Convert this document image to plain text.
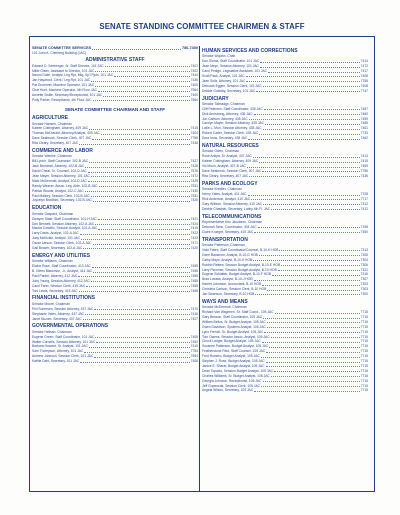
SENATE STANDING COMMITTEE CHAIRMEN & STAFF
SENATE COMMITTEE SERVICES	786-7400
101 John A. Cherberg Building (JAC)
ADMINISTRATIVE STAFF
Edward D. Seeberger, Sr. Staff Director, 101 JAC	7401
Millie Olsen, Assistant to Director, 101 JAC	7402
Naomi Duke, Analyst, Leg Rpt, Mtg, Sp'l Pjcts, 101 JAC	7444
Jan Haywood, Clerk / Leg Rpt, 101 JAC	7436
Pat Grommet, Machine Operator, 101 JAC	7400
Char Hunt, Machine Operator, 4th Floor JAC	7564
Annette Swille, Secretary/Receptionist, 101 JAC	7400
Polly Parker, Receptionist, 4th Floor JAC	7564
SENATE COMMITTEE CHAIRMAN AND STAFF
AGRICULTURE
Senator Hansen, Chairman
Kaleen Cottingham, Attorney, 409 JAC	7415
Thomas McDonald, Attorney/Analyst, 409 JAC	7404
Dave Seabrook, Session Clerk, 407 JAC	7756
Rita Cleary, Secretary, 407 JAC	7436
COMMERCE AND LABOR
Senator Warnke, Chairman
Bill Lynch, Staff Counselor, 102-B JAC	7427
Jack Brummel, Attorney, 102-B JAC	7428
David Cheal, Sr. Counsel, 102-D JAC	7576
Jean Mayer, Session Attorney, 101 JAC	7472
Mark McDermott, Analyst, 102-D JAC	7429
Randy Weaver, Assoc. Leg. Aide, 102-B JAC	7531
Patrick Woods, Analyst, 102-C JAC	7430
Paul Mallory, Session Clerk, 102-B JAC	7531
Joycelyn Bradford, Secretary, 102-B JAC	7426
EDUCATION
Senator Gaspard, Chairman
Dwayne Slate, Staff Coordinator, 101-H JAC	7421
Don Bennett, Session Attorney, 102-A JAC	7424
Marcia Costello, Session Analyst, 102-A JAC	7419
Larry Davis, Analyst, 102-A JAC	7422
Judy McKickle, Analyst, 101 JAC	7423
Oscar Larson, Session Clerk, 102-A JAC	7471
Gail Brower, Secretary, 102-A JAC	7420
ENERGY AND UTILITIES
Senator Williams, Chairman
Elaine Rose, Staff Coordinator, 413 JAC	7455
B. Glenn Blackmon, Jr., Analyst, 414 JAC	7455
Paul Parker, Attorney, 412 JAC	7455
Judy Young, Session Attorney, 412 JAC	7455
Carol Farer, Session Clerk, 415 JAC	7455
Toni Lewis, Secretary, 415 JAC	7455
FINANCIAL INSTITUTIONS
Senator Moore, Chairman
Phil Sorensen, Session Attorney, 437 JAC	7470
Stephanie Yates, Attorney, 437 JAC	7416
Janet Nuzum, Secretary, 437 JAC	7407
GOVERNMENTAL OPERATIONS
Senator Hellsan, Chairman
Eugene Green, Staff Coordinator, 101 JAC	7405
Walter Cornelis, Session Attorney, 101 JAC	7452
Barbara Howard, Sr. Analyst, 101 JAC	7410
Sam Thompson, Attorney, 101 JAC	7754
Andrew Johnson, Session Clerk, 101 JAC	7594
Kathie Dahl, Secretary, 101 JAC	7406
HUMAN SERVICES AND CORRECTIONS
Senator Wojahn, Chair
Don Sloma, Staff Coordinator, 101 JAC	7414
Jean Meyn, Session Attorney, 101 JAC	7472
Carol Pedigo, Legislative Assistant, 101 JAC	7417
Scott Pack, Analyst, 101 JAC	7408
Jean Soliz, Attorney, 101 JAC	7755
Deborah Eggen, Session Clerk, 101 JAC	7408
Debbie Goldsby, Secretary, 101 JAC	7747
JUDICIARY
Senator Talmadge, Chairman
Cliff Petersen, Staff Coordinator, 435 JAC	7457
Dick Armstrong, Attorney, 435 JAC	7460
Jon Carlson, Attorney, 435 JAC	7459
Carolyn Mayer, Session Attorney, 435 JAC	7465
Lollie L. Mon, Session Attorney, 435 JAC	7461
Robert Carter, Session Clerk, 435 JAC	7733
Dora Imus, Secretary, 435 JAC	7462
NATURAL RESOURCES
Senator Owen, Chairman
Rose Antipa, Sr. Analyst, 407 JAC	7413
Kaleen Cottingham, Attorney, 409 JAC	7415
Vic Moon, Analyst, 407-B JAC	7469
Dave Seabrook, Session Clerk, 407 JAC	7756
Rita Cleary, Secretary, 407 JAC	7436
PARKS AND ECOLOGY
Senator Kreidler, Chairman
Henry Yates, Analyst, 411 JAC	7708
Rick Anderson, Analyst, 410 JAC	7717
Gary Wilburn, Session Attorney, 410 JAC	7412
Debbie Chastain, Secretary, Lobby 4th Fl. JAC	7412
TELECOMMUNICATIONS
Representative Ken Jacobsen, Chairman
Deborah Senn, Coordinator, 404 JAC	7198
Claire Krueger, Secretary, 415 JAC	7450
TRANSPORTATION
Senator Patterson, Chairman
Vicki Fabre, Staff Coordinator/Counsel, B-10-H HOB	7313
Gene Baxstrom, Analyst, B-10-G HOB	7305
Cathy Mayo, Analyst, B-10-K HOB	7304
Robbin Rettew, Session Budget Analyst, B-10-E HOB	7306
Larry Plummer, Session Budget Analyst, B-10 HOB	7321
Eugene Schlatter, Budget Analyst, B-10-F HOB	7316
Brad Lovaas, Analyst, B-10-J HOB	7307
Harriet Johnston, Accountant, B-10 HOB	7303
Christina Carlson, Session Clerk, B-10 HOB	7303
Jan Swanson, Secretary, B-10 HOB	7300
WAYS AND MEANS
Senator McDermott, Chairman
Richard Van Wagenen, Sr. Staff Coord., 105 JAC	7715
Gary Benson, Staff Coordinator, 105 JAC	7715
William Bellus, Sr. Budget Analyst, 105 JAC	7715
Gwen Davidson, Systems Analyst, 105 JAC	7715
Lynn French, Sr. Budget Analyst, 105 JAC	7715
Tom Owens, Session Assoc. Analyst, 105 JAC	7715
Chuck Langer, Budget Analyst, 105 JAC	7715
Suzanne Patterson, Budget Analyst, 105 JAC	7715
Featherstone Reid, Staff Counsel, 105 JAC	7715
Fred Romero, Budget Analyst, 105 JAC	7715
Stephen J. Rose, Budget Analyst, 105 JAC	7715
Janice E. Sharar, Budget Analyst, 105 JAC	7715
Dean Topacio, Session Budget Analyst, 105 JAC	7715
Charles Williams, Sr. Budget Analyst, 105 JAC	7715
Georgia Johnson, Receptionist, 105 JAC	7715
Jeff Gupworda, Session Clerk, 105 JAC	7715
Angela Wilson, Secretary, 105 JAC	7715
